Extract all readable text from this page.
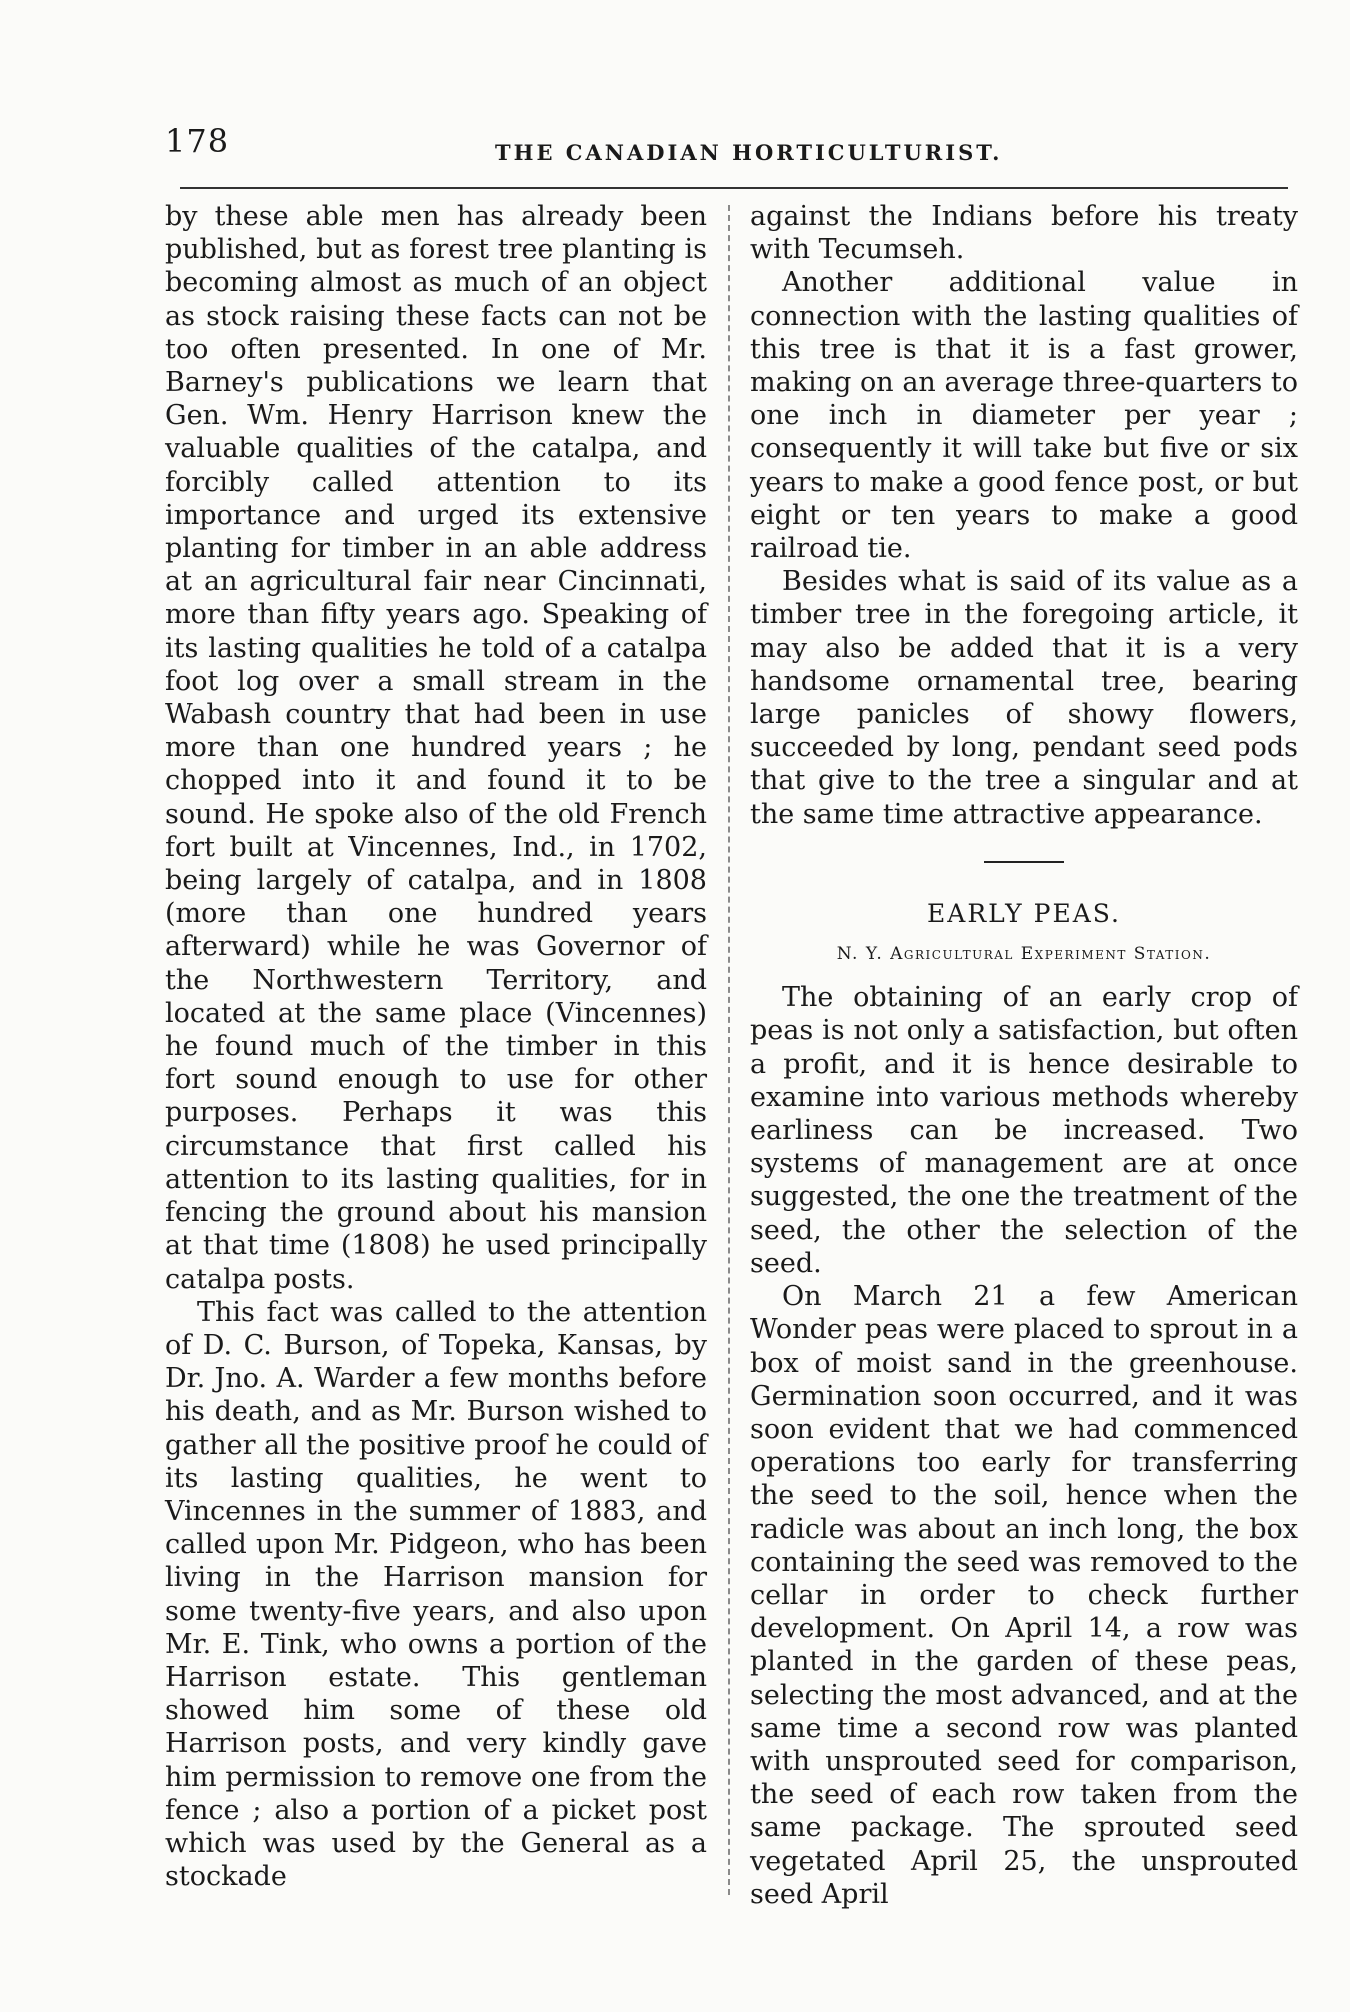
178	THE CANADIAN HORTICULTURIST.

by these able men has already been published, but as forest tree planting is becoming almost as much of an object as stock raising these facts can not be too often presented. In one of Mr. Barney's publications we learn that Gen. Wm. Henry Harrison knew the valuable qualities of the catalpa, and forcibly called attention to its importance and urged its extensive planting for timber in an able address at an agricultural fair near Cincinnati, more than fifty years ago. Speaking of its lasting qualities he told of a catalpa foot log over a small stream in the Wabash country that had been in use more than one hundred years ; he chopped into it and found it to be sound. He spoke also of the old French fort built at Vincennes, Ind., in 1702, being largely of catalpa, and in 1808 (more than one hundred years afterward) while he was Governor of the Northwestern Territory, and located at the same place (Vincennes) he found much of the timber in this fort sound enough to use for other purposes. Perhaps it was this circumstance that first called his attention to its lasting qualities, for in fencing the ground about his mansion at that time (1808) he used principally catalpa posts.

This fact was called to the attention of D. C. Burson, of Topeka, Kansas, by Dr. Jno. A. Warder a few months before his death, and as Mr. Burson wished to gather all the positive proof he could of its lasting qualities, he went to Vincennes in the summer of 1883, and called upon Mr. Pidgeon, who has been living in the Harrison mansion for some twenty-five years, and also upon Mr. E. Tink, who owns a portion of the Harrison estate. This gentleman showed him some of these old Harrison posts, and very kindly gave him permission to remove one from the fence ; also a portion of a picket post which was used by the General as a stockade

against the Indians before his treaty with Tecumseh.

Another additional value in connection with the lasting qualities of this tree is that it is a fast grower, making on an average three-quarters to one inch in diameter per year ; consequently it will take but five or six years to make a good fence post, or but eight or ten years to make a good railroad tie.

Besides what is said of its value as a timber tree in the foregoing article, it may also be added that it is a very handsome ornamental tree, bearing large panicles of showy flowers, succeeded by long, pendant seed pods that give to the tree a singular and at the same time attractive appearance.

EARLY PEAS.
N. Y. Agricultural Experiment Station.

The obtaining of an early crop of peas is not only a satisfaction, but often a profit, and it is hence desirable to examine into various methods whereby earliness can be increased. Two systems of management are at once suggested, the one the treatment of the seed, the other the selection of the seed.

On March 21 a few American Wonder peas were placed to sprout in a box of moist sand in the greenhouse. Germination soon occurred, and it was soon evident that we had commenced operations too early for transferring the seed to the soil, hence when the radicle was about an inch long, the box containing the seed was removed to the cellar in order to check further development. On April 14, a row was planted in the garden of these peas, selecting the most advanced, and at the same time a second row was planted with unsprouted seed for comparison, the seed of each row taken from the same package. The sprouted seed vegetated April 25, the unsprouted seed April
